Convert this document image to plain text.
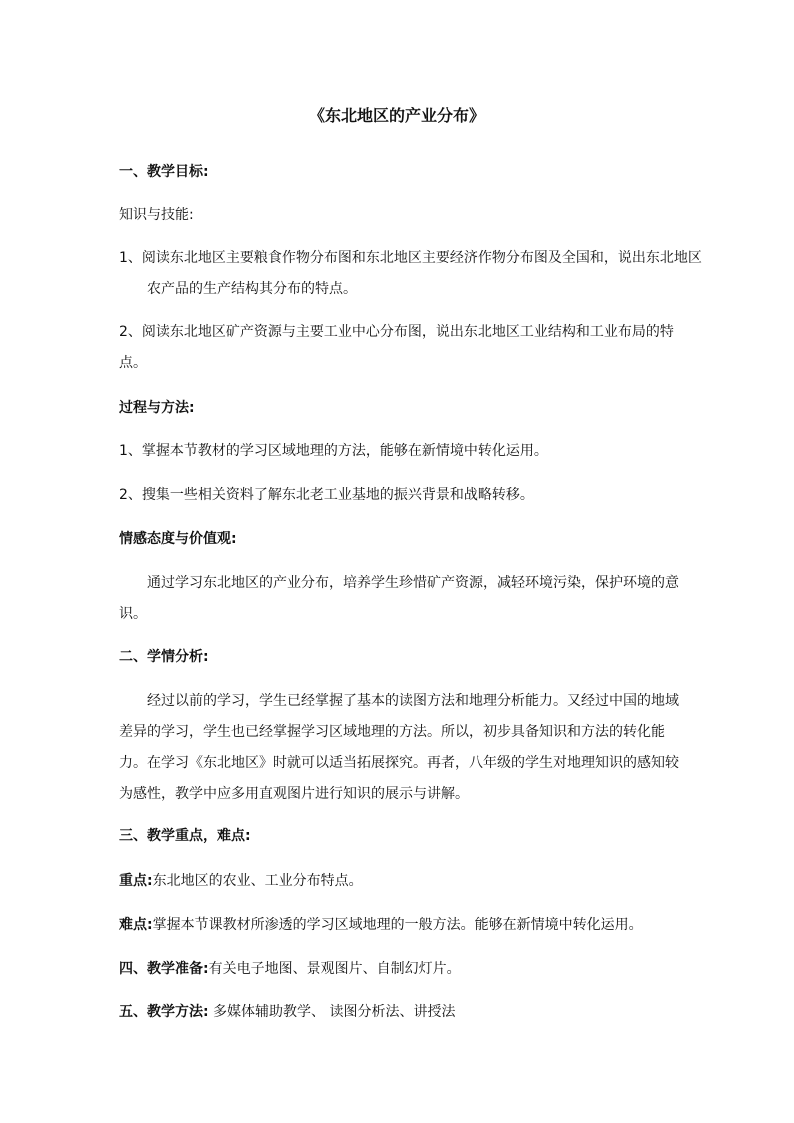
《东北地区的产业分布》

一、教学目标:

知识与技能:

1、阅读东北地区主要粮食作物分布图和东北地区主要经济作物分布图及全国和，说出东北地区农产品的生产结构其分布的特点。

2、阅读东北地区矿产资源与主要工业中心分布图，说出东北地区工业结构和工业布局的特点。

过程与方法:

1、掌握本节教材的学习区域地理的方法，能够在新情境中转化运用。

2、搜集一些相关资料了解东北老工业基地的振兴背景和战略转移。

情感态度与价值观:

通过学习东北地区的产业分布，培养学生珍惜矿产资源，减轻环境污染，保护环境的意识。

二、学情分析:

经过以前的学习，学生已经掌握了基本的读图方法和地理分析能力。又经过中国的地域差异的学习，学生也已经掌握学习区域地理的方法。所以，初步具备知识和方法的转化能力。在学习《东北地区》时就可以适当拓展探究。再者，八年级的学生对地理知识的感知较为感性，教学中应多用直观图片进行知识的展示与讲解。

三、教学重点，难点:

重点:东北地区的农业、工业分布特点。

难点:掌握本节课教材所渗透的学习区域地理的一般方法。能够在新情境中转化运用。

四、教学准备:有关电子地图、景观图片、自制幻灯片。

五、教学方法: 多媒体辅助教学、 读图分析法、讲授法
